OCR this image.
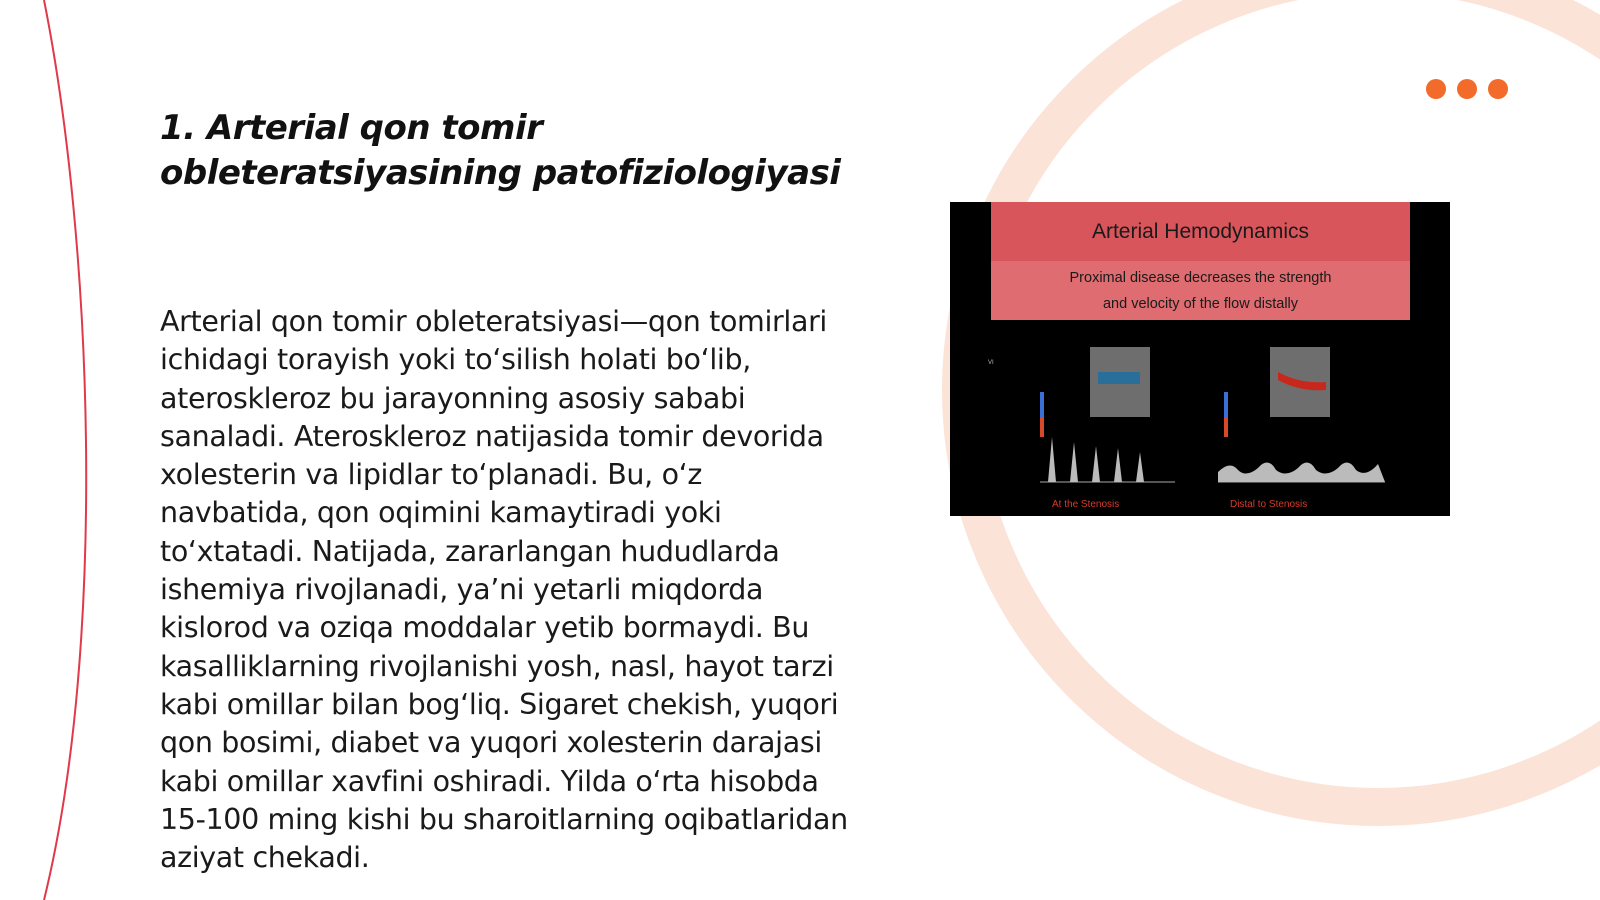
1. Arterial qon tomir obleteratsiyasining patofiziologiyasi

Arterial qon tomir obleteratsiyasi—qon tomirlari ichidagi torayish yoki to‘silish holati bo‘lib, ateroskleroz bu jarayonning asosiy sababi sanaladi. Ateroskleroz natijasida tomir devorida xolesterin va lipidlar to‘planadi. Bu, o‘z navbatida, qon oqimini kamaytiradi yoki to‘xtatadi. Natijada, zararlangan hududlarda ishemiya rivojlanadi, ya’ni yetarli miqdorda kislorod va oziqa moddalar yetib bormaydi. Bu kasalliklarning rivojlanishi yosh, nasl, hayot tarzi kabi omillar bilan bog‘liq. Sigaret chekish, yuqori qon bosimi, diabet va yuqori xolesterin darajasi kabi omillar xavfini oshiradi. Yilda o‘rta hisobda 15-100 ming kishi bu sharoitlarning oqibatlaridan aziyat chekadi.

Arterial Hemodynamics
Proximal disease decreases the strength
and velocity of the flow distally
VI
At the Stenosis	Distal to Stenosis
